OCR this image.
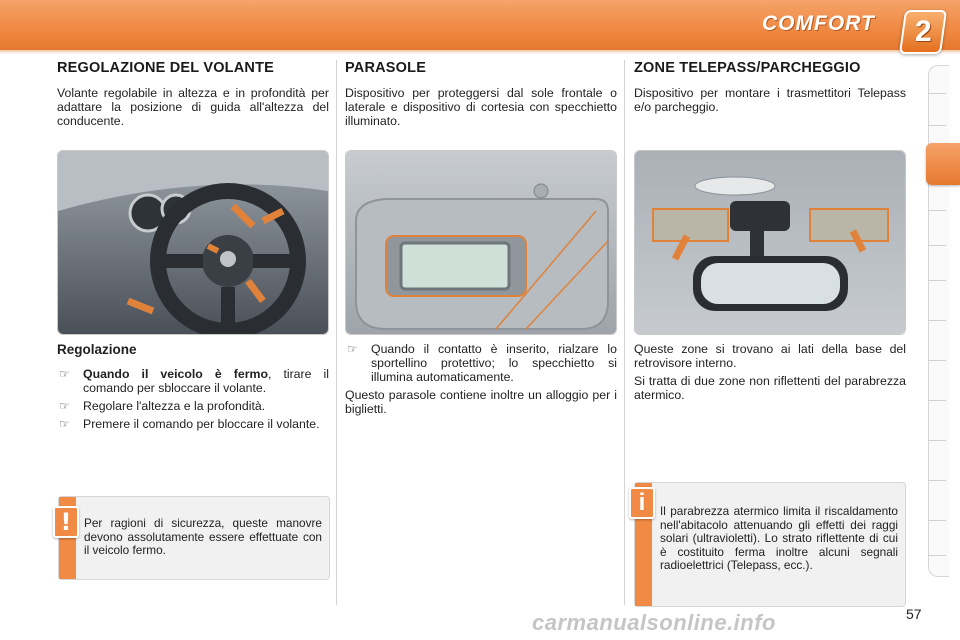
COMFORT	2
REGOLAZIONE DEL VOLANTE

Volante regolabile in altezza e in profondità per adattare la posizione di guida all'altezza del conducente.

Regolazione
☞ Quando il veicolo è fermo, tirare il comando per sbloccare il volante.
☞ Regolare l'altezza e la profondità.
☞ Premere il comando per bloccare il volante.
Per ragioni di sicurezza, queste manovre devono assolutamente essere effettuate con il veicolo fermo.
!
PARASOLE

Dispositivo per proteggersi dal sole frontale o laterale e dispositivo di cortesia con specchietto illuminato.

☞ Quando il contatto è inserito, rialzare lo sportellino protettivo; lo specchietto si illumina automaticamente.

Questo parasole contiene inoltre un alloggio per i biglietti.

ZONE TELEPASS/PARCHEGGIO

Dispositivo per montare i trasmettitori Telepass e/o parcheggio.

Queste zone si trovano ai lati della base del retrovisore interno.

Si tratta di due zone non riflettenti del parabrezza atermico.

Il parabrezza atermico limita il riscaldamento nell'abitacolo attenuando gli effetti dei raggi solari (ultravioletti). Lo strato riflettente di cui è costituito ferma inoltre alcuni segnali radioelettrici (Telepass, ecc.).
i
57
carmanualsonline.info
